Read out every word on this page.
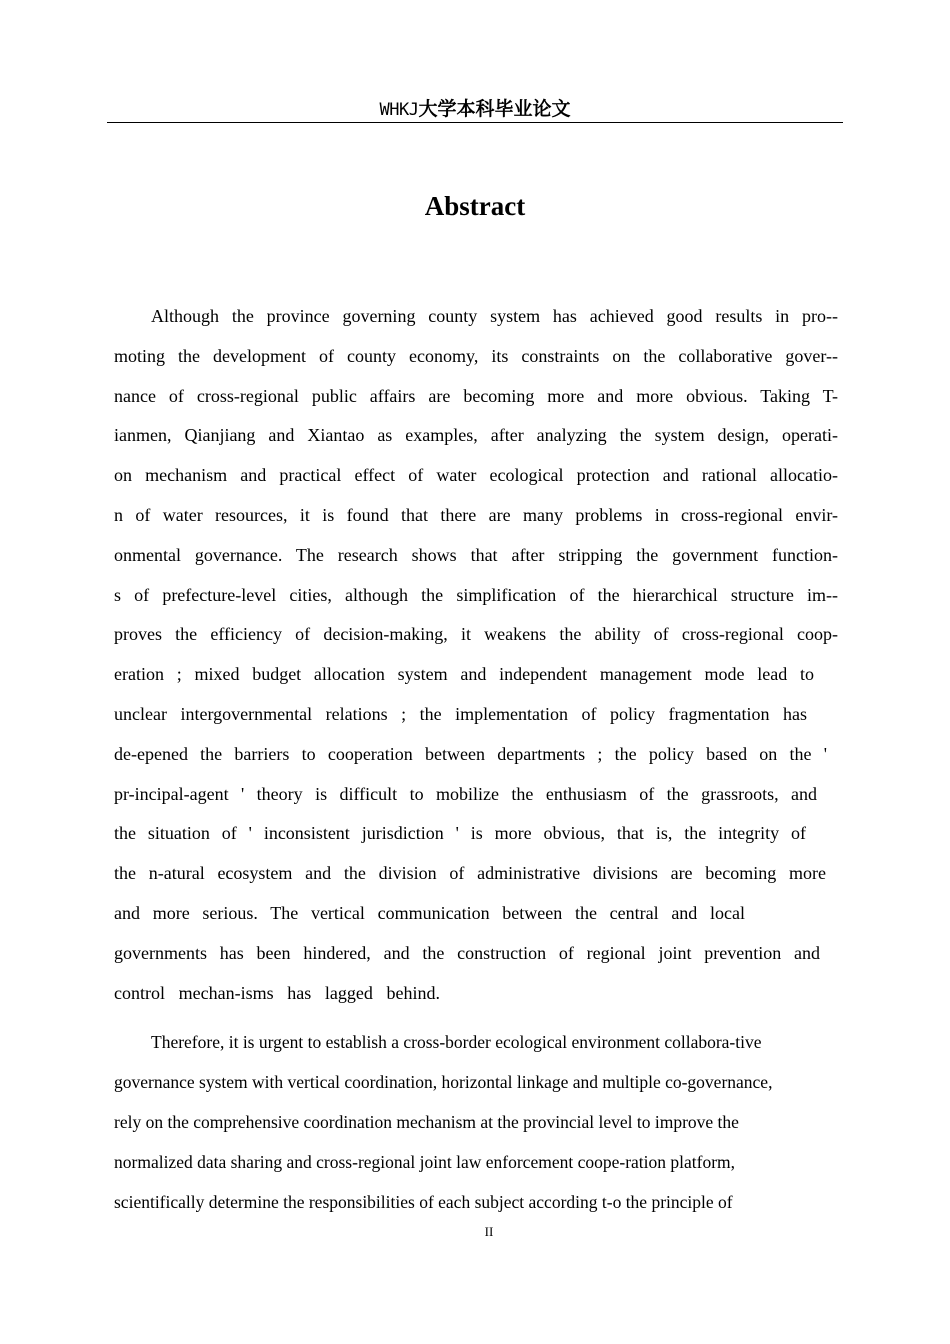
WHKJ大学本科毕业论文
Abstract
Although the province governing county system has achieved good results in pro--
moting the development of county economy, its constraints on the collaborative gover--
nance of cross-regional public affairs are becoming more and more obvious. Taking T-
ianmen, Qianjiang and Xiantao as examples, after analyzing the system design, operati-
on mechanism and practical effect of water ecological protection and rational allocatio-
n of water resources, it is found that there are many problems in cross-regional envir-
onmental governance. The research shows that after stripping the government function-
s of prefecture-level cities, although the simplification of the hierarchical structure im--
proves the efficiency of decision-making, it weakens the ability of cross-regional coop-
eration ; mixed budget allocation system and independent management mode lead to
unclear intergovernmental relations ; the implementation of policy fragmentation has
de-epened the barriers to cooperation between departments ; the policy based on the '
pr-incipal-agent ' theory is difficult to mobilize the enthusiasm of the grassroots, and
the situation of ' inconsistent jurisdiction ' is more obvious, that is, the integrity of
the n-atural ecosystem and the division of administrative divisions are becoming more
and more serious. The vertical communication between the central and local
governments has been hindered, and the construction of regional joint prevention and
control mechan-isms has lagged behind.
Therefore, it is urgent to establish a cross-border ecological environment collabora-tive
governance system with vertical coordination, horizontal linkage and multiple co-governance,
rely on the comprehensive coordination mechanism at the provincial level to improve the
normalized data sharing and cross-regional joint law enforcement coope-ration platform,
scientifically determine the responsibilities of each subject according t-o the principle of
II
